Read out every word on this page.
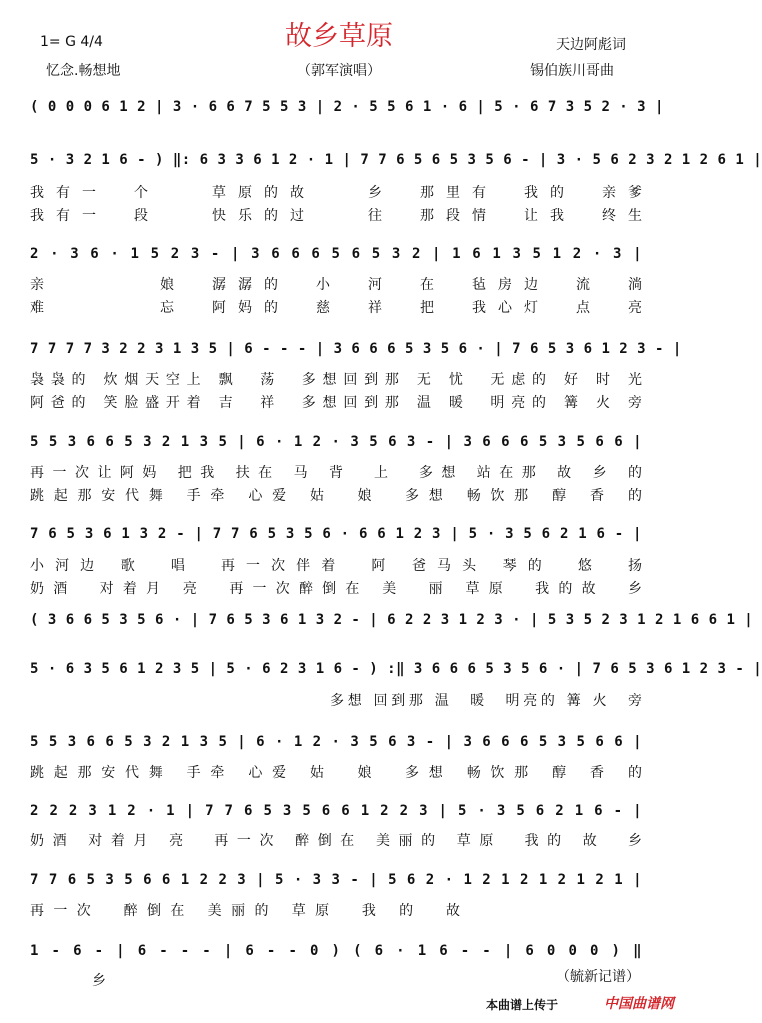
故乡草原
1= G 4/4
忆念.畅想地	（郭军演唱）
天边阿彪词
锡伯族川哥曲
( 0 0 0 6 1 2 | 3 · 6 6 7 5 5 3 | 2 · 5 5 6 1 · 6 | 5 · 6 7 3 5 2 · 3 |
5 · 3 2 1 6 - ) ‖: 6 3 3 6 1 2 · 1 | 7 7 6 5 6 5 3 5 6 - | 3 · 5 6 2 3 2 1 2 6 1 |
我有一　个　　草原的故　　乡　那里有　我的　亲爹
我有一　段　　快乐的过　　往　那段情　让我　终生
2 · 3 6 · 1 5 2 3 - | 3 6 6 6 5 6 5 3 2 | 1 6 1 3 5 1 2 · 3 |
亲　　　　娘　潺潺的　小　河　在　毡房边　流　淌
难　　　　忘　阿妈的　慈　祥　把　我心灯　点　亮
7 7 7 7 3 2 2 3 1 3 5 | 6 - - - | 3 6 6 6 5 3 5 6 · | 7 6 5 3 6 1 2 3 - |
袅袅的 炊烟天空上 飘　荡　多想回到那 无 忧　无虑的 好 时 光
阿爸的 笑脸盛开着 吉　祥　多想回到那 温 暖　明亮的 篝 火 旁
5 5 3 6 6 5 3 2 1 3 5 | 6 · 1 2 · 3 5 6 3 - | 3 6 6 6 5 3 5 6 6 |
再一次让阿妈 把我 扶在 马 背　上　多想 站在那 故 乡 的
跳起那安代舞 手牵 心爱 姑　娘　多想 畅饮那 醇 香 的
7 6 5 3 6 1 3 2 - | 7 7 6 5 3 5 6 · 6 6 1 2 3 | 5 · 3 5 6 2 1 6 - |
小河边 歌　唱　再一次伴着　阿 爸马头 琴的　悠　扬
奶酒　对着月 亮　再一次醉倒在 美　丽 草原　我的故　乡
( 3 6 6 5 3 5 6 · | 7 6 5 3 6 1 3 2 - | 6 2 2 3 1 2 3 · | 5 3 5 2 3 1 2 1 6 6 1 |
5 · 6 3 5 6 1 2 3 5 | 5 · 6 2 3 1 6 - ) :‖ 3 6 6 6 5 3 5 6 · | 7 6 5 3 6 1 2 3 - |
多想 回到那 温　暖　明亮的 篝 火　旁
5 5 3 6 6 5 3 2 1 3 5 | 6 · 1 2 · 3 5 6 3 - | 3 6 6 6 5 3 5 6 6 |
跳起那安代舞 手牵 心爱 姑　娘　多想 畅饮那 醇 香 的
2 2 2 3 1 2 · 1 | 7 7 6 5 3 5 6 6 1 2 2 3 | 5 · 3 5 6 2 1 6 - |
奶酒 对着月 亮　再一次 醉倒在 美丽的 草原　我的 故　乡
7 7 6 5 3 5 6 6 1 2 2 3 | 5 · 3 3 - | 5 6 2 · 1 2 1 2 1 2 1 2 1 |
再一次　醉倒在 美丽的 草原　我 的　故
1 - 6 - | 6 - - - | 6 - - 0 ) ( 6 · 1 6 - - | 6 0 0 0 ) ‖
乡	（毓新记谱）
本曲谱上传于	中国曲谱网
